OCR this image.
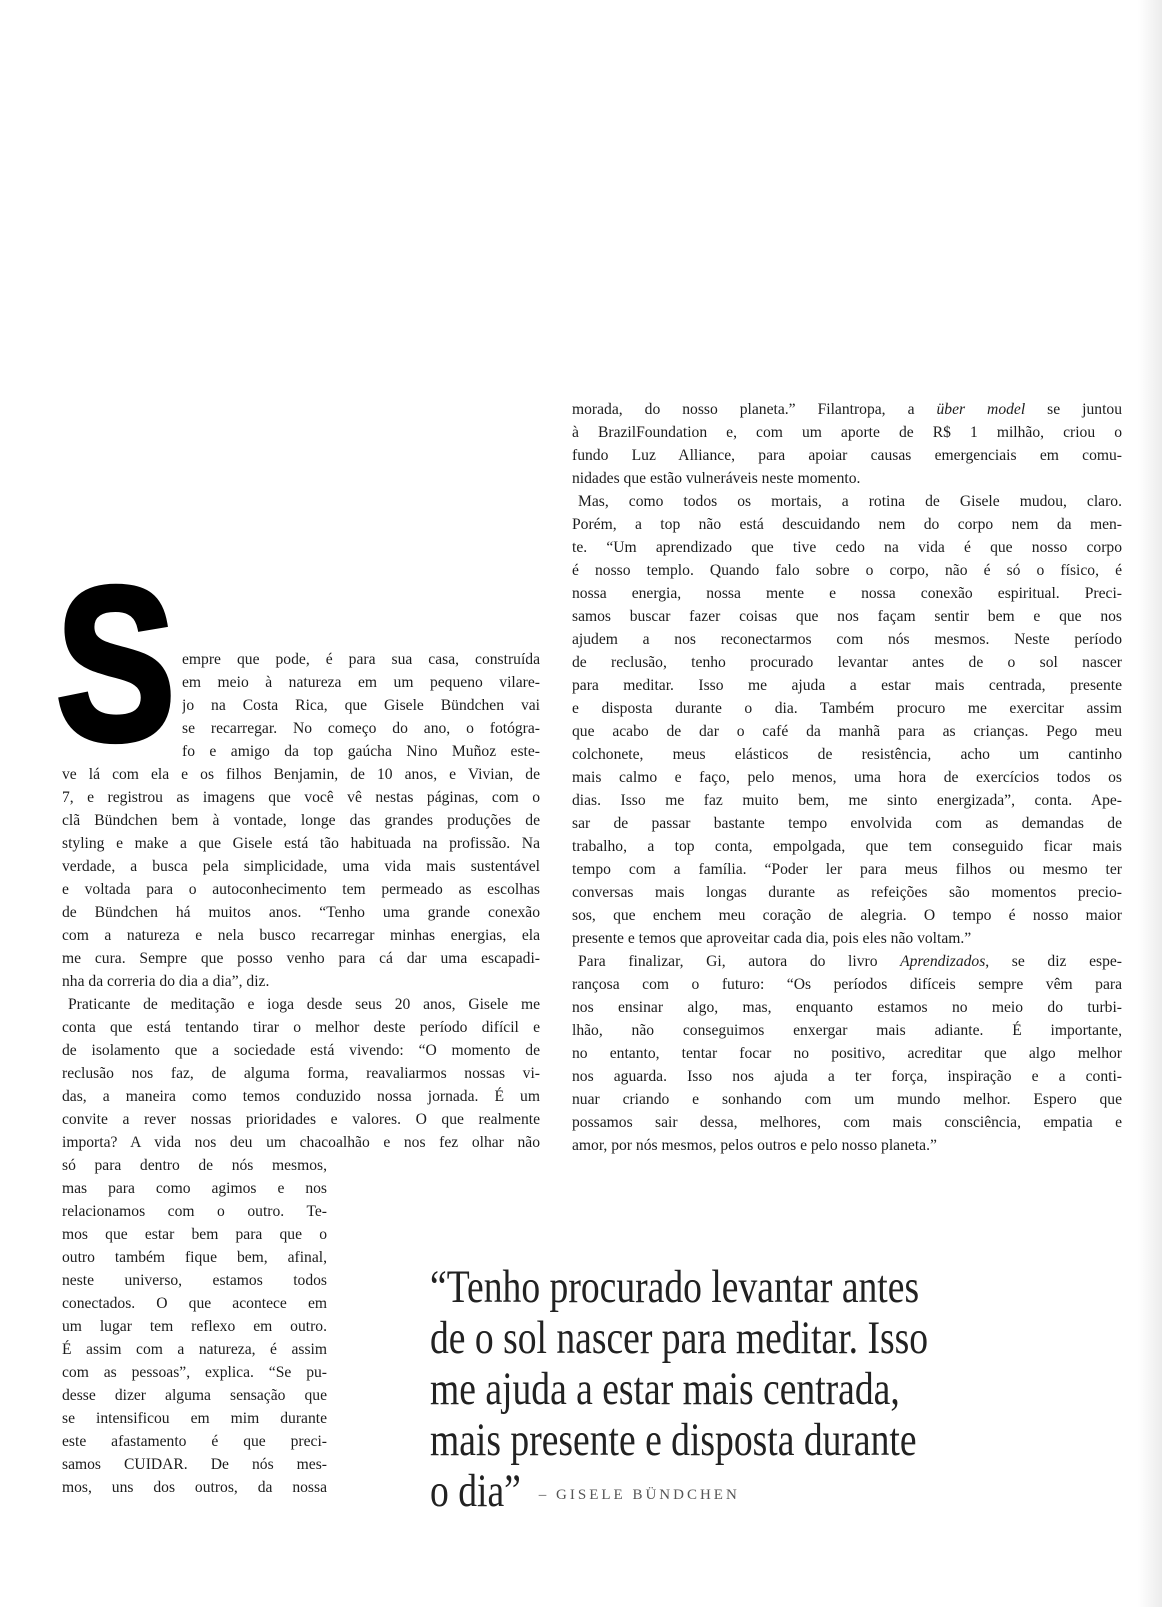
S empre que pode, é para sua casa, construída
em meio à natureza em um pequeno vilare-
jo na Costa Rica, que Gisele Bündchen vai
se recarregar. No começo do ano, o fotógra-
fo e amigo da top gaúcha Nino Muñoz este-
ve lá com ela e os filhos Benjamin, de 10 anos, e Vivian, de
7, e registrou as imagens que você vê nestas páginas, com o
clã Bündchen bem à vontade, longe das grandes produções de
styling e make a que Gisele está tão habituada na profissão. Na
verdade, a busca pela simplicidade, uma vida mais sustentável
e voltada para o autoconhecimento tem permeado as escolhas
de Bündchen há muitos anos. “Tenho uma grande conexão
com a natureza e nela busco recarregar minhas energias, ela
me cura. Sempre que posso venho para cá dar uma escapadi-
nha da correria do dia a dia”, diz.
Praticante de meditação e ioga desde seus 20 anos, Gisele me
conta que está tentando tirar o melhor deste período difícil e
de isolamento que a sociedade está vivendo: “O momento de
reclusão nos faz, de alguma forma, reavaliarmos nossas vi-
das, a maneira como temos conduzido nossa jornada. É um
convite a rever nossas prioridades e valores. O que realmente
importa? A vida nos deu um chacoalhão e nos fez olhar não
só para dentro de nós mesmos,
mas para como agimos e nos
relacionamos com o outro. Te-
mos que estar bem para que o
outro também fique bem, afinal,
neste universo, estamos todos
conectados. O que acontece em
um lugar tem reflexo em outro.
É assim com a natureza, é assim
com as pessoas”, explica. “Se pu-
desse dizer alguma sensação que
se intensificou em mim durante
este afastamento é que preci-
samos CUIDAR. De nós mes-
mos, uns dos outros, da nossa
morada, do nosso planeta.” Filantropa, a über model se juntou
à BrazilFoundation e, com um aporte de R$ 1 milhão, criou o
fundo Luz Alliance, para apoiar causas emergenciais em comu-
nidades que estão vulneráveis neste momento.
Mas, como todos os mortais, a rotina de Gisele mudou, claro.
Porém, a top não está descuidando nem do corpo nem da men-
te. “Um aprendizado que tive cedo na vida é que nosso corpo
é nosso templo. Quando falo sobre o corpo, não é só o físico, é
nossa energia, nossa mente e nossa conexão espiritual. Preci-
samos buscar fazer coisas que nos façam sentir bem e que nos
ajudem a nos reconectarmos com nós mesmos. Neste período
de reclusão, tenho procurado levantar antes de o sol nascer
para meditar. Isso me ajuda a estar mais centrada, presente
e disposta durante o dia. Também procuro me exercitar assim
que acabo de dar o café da manhã para as crianças. Pego meu
colchonete, meus elásticos de resistência, acho um cantinho
mais calmo e faço, pelo menos, uma hora de exercícios todos os
dias. Isso me faz muito bem, me sinto energizada”, conta. Ape-
sar de passar bastante tempo envolvida com as demandas de
trabalho, a top conta, empolgada, que tem conseguido ficar mais
tempo com a família. “Poder ler para meus filhos ou mesmo ter
conversas mais longas durante as refeições são momentos precio-
sos, que enchem meu coração de alegria. O tempo é nosso maior
presente e temos que aproveitar cada dia, pois eles não voltam.”
Para finalizar, Gi, autora do livro Aprendizados, se diz espe-
rançosa com o futuro: “Os períodos difíceis sempre vêm para
nos ensinar algo, mas, enquanto estamos no meio do turbi-
lhão, não conseguimos enxergar mais adiante. É importante,
no entanto, tentar focar no positivo, acreditar que algo melhor
nos aguarda. Isso nos ajuda a ter força, inspiração e a conti-
nuar criando e sonhando com um mundo melhor. Espero que
possamos sair dessa, melhores, com mais consciência, empatia e
amor, por nós mesmos, pelos outros e pelo nosso planeta.”
“Tenho procurado levantar antes
de o sol nascer para meditar. Isso
me ajuda a estar mais centrada,
mais presente e disposta durante
o dia” – GISELE BÜNDCHEN
